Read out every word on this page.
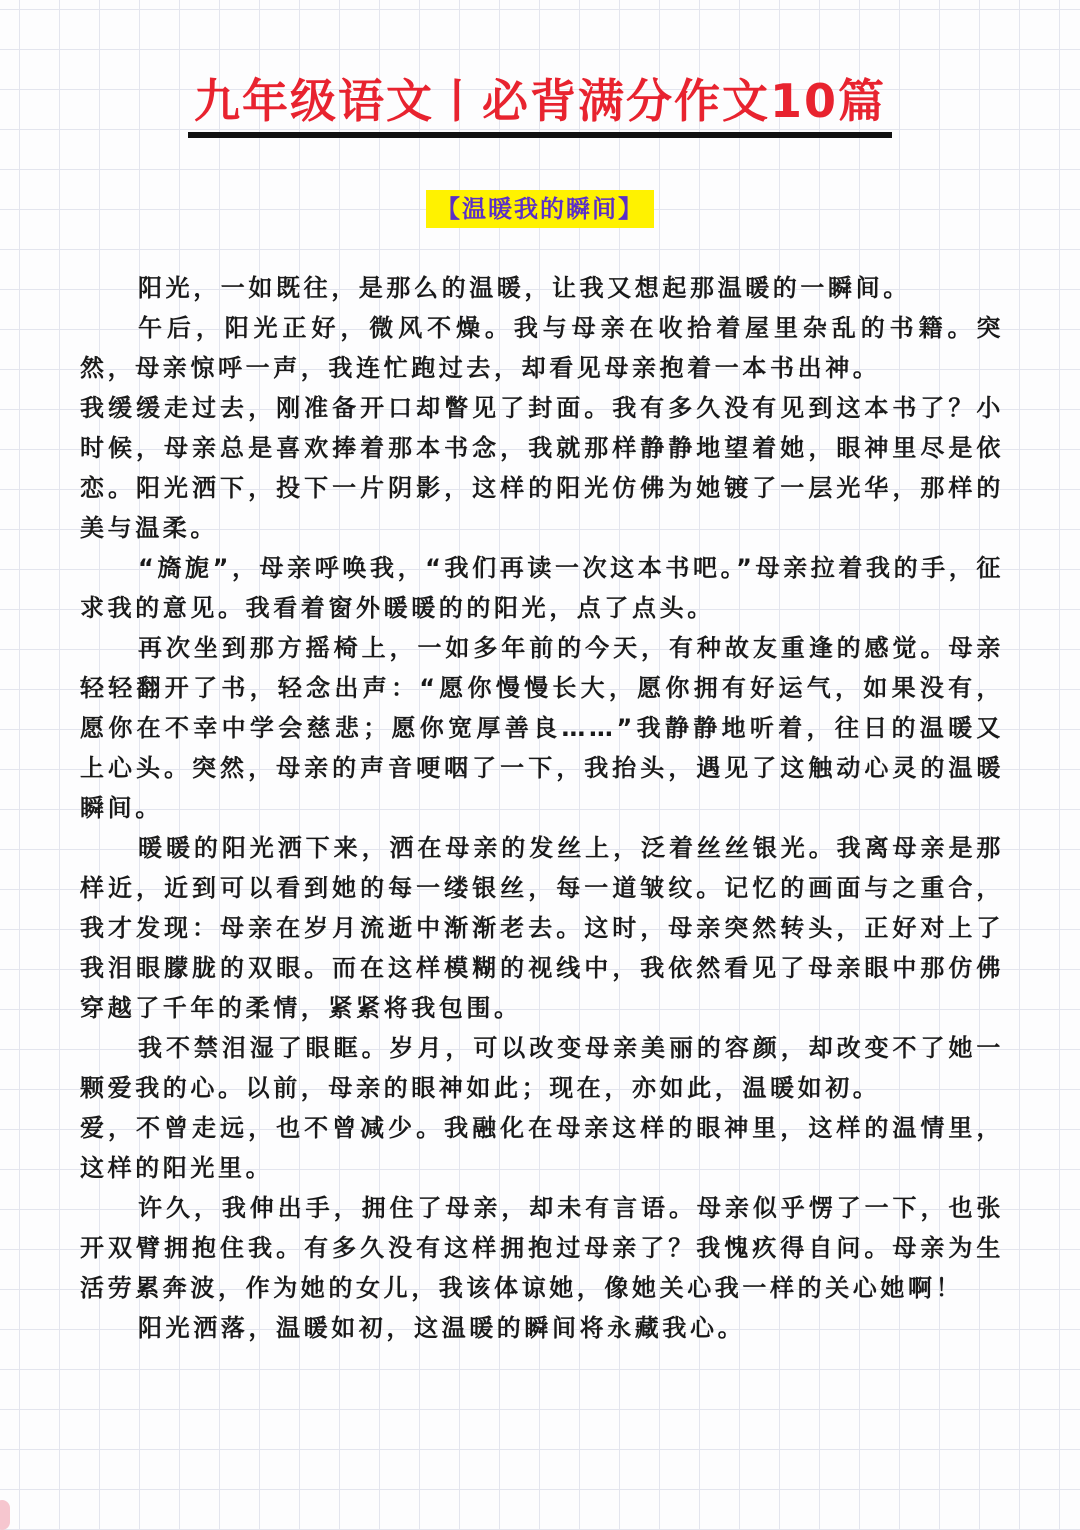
九年级语文丨必背满分作文10篇
【温暖我的瞬间】

阳光，一如既往，是那么的温暖，让我又想起那温暖的一瞬间。

午后，阳光正好，微风不燥。我与母亲在收拾着屋里杂乱的书籍。突然，母亲惊呼一声，我连忙跑过去，却看见母亲抱着一本书出神。

我缓缓走过去，刚准备开口却瞥见了封面。我有多久没有见到这本书了？小时候，母亲总是喜欢捧着那本书念，我就那样静静地望着她，眼神里尽是依恋。阳光洒下，投下一片阴影，这样的阳光仿佛为她镀了一层光华，那样的美与温柔。

“旖旎”，母亲呼唤我，“我们再读一次这本书吧。”母亲拉着我的手，征求我的意见。我看着窗外暖暖的的阳光，点了点头。

再次坐到那方摇椅上，一如多年前的今天，有种故友重逢的感觉。母亲轻轻翻开了书，轻念出声：“愿你慢慢长大，愿你拥有好运气，如果没有，愿你在不幸中学会慈悲；愿你宽厚善良……”我静静地听着，往日的温暖又上心头。突然，母亲的声音哽咽了一下，我抬头，遇见了这触动心灵的温暖瞬间。

暖暖的阳光洒下来，洒在母亲的发丝上，泛着丝丝银光。我离母亲是那样近，近到可以看到她的每一缕银丝，每一道皱纹。记忆的画面与之重合，我才发现：母亲在岁月流逝中渐渐老去。这时，母亲突然转头，正好对上了我泪眼朦胧的双眼。而在这样模糊的视线中，我依然看见了母亲眼中那仿佛穿越了千年的柔情，紧紧将我包围。

我不禁泪湿了眼眶。岁月，可以改变母亲美丽的容颜，却改变不了她一颗爱我的心。以前，母亲的眼神如此；现在，亦如此，温暖如初。

爱，不曾走远，也不曾减少。我融化在母亲这样的眼神里，这样的温情里，这样的阳光里。

许久，我伸出手，拥住了母亲，却未有言语。母亲似乎愣了一下，也张开双臂拥抱住我。有多久没有这样拥抱过母亲了？我愧疚得自问。母亲为生活劳累奔波，作为她的女儿，我该体谅她，像她关心我一样的关心她啊！

阳光洒落，温暖如初，这温暖的瞬间将永藏我心。
